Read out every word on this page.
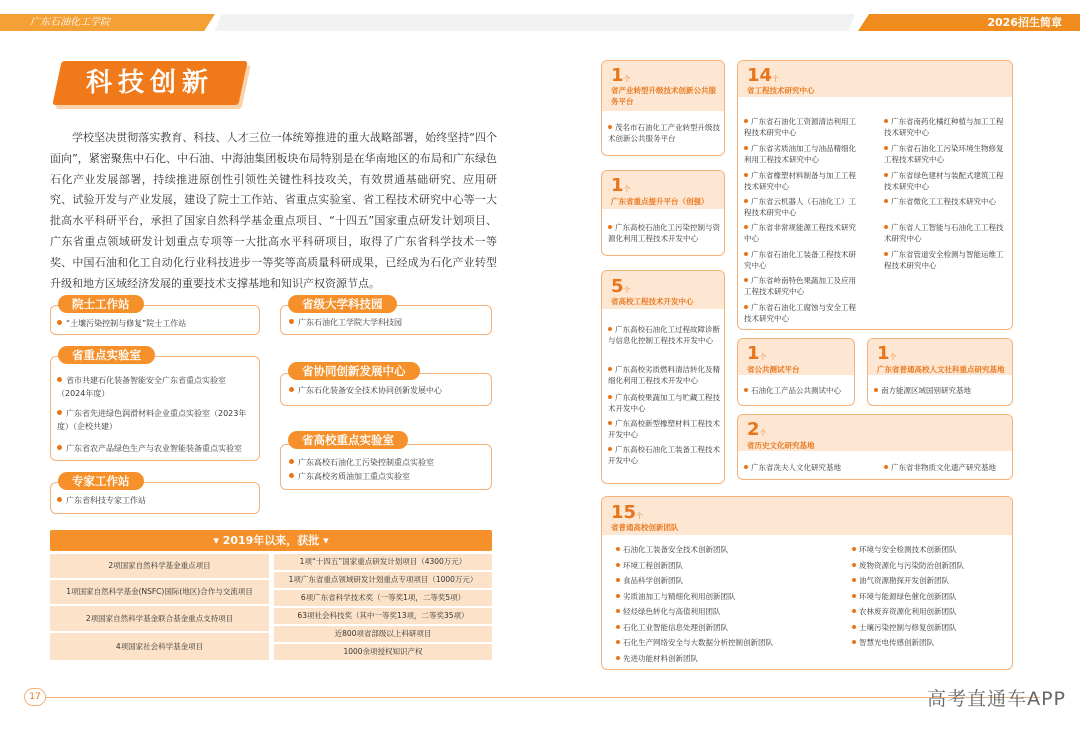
广东石油化工学院	2026招生简章
科技创新
学校坚决贯彻落实教育、科技、人才三位一体统筹推进的重大战略部署，始终坚持“四个面向”，紧密聚焦中石化、中石油、中海油集团板块布局特别是在华南地区的布局和广东绿色石化产业发展部署，持续推进原创性引领性关键性科技攻关，有效贯通基础研究、应用研究、试验开发与产业发展，建设了院士工作站、省重点实验室、省工程技术研究中心等一大批高水平科研平台，承担了国家自然科学基金重点项目、“十四五”国家重点研发计划项目、广东省重点领域研发计划重点专项等一大批高水平科研项目，取得了广东省科学技术一等奖、中国石油和化工自动化行业科技进步一等奖等高质量科研成果，已经成为石化产业转型升级和地方区域经济发展的重要技术支撑基地和知识产权资源节点。
院士工作站
“土壤污染控制与修复”院士工作站
省级大学科技园
广东石油化工学院大学科技园
省重点实验室
省市共建石化装备智能安全广东省重点实验室（2024年度）
广东省先进绿色润滑材料企业重点实验室（2023年度）（企校共建）
广东省农产品绿色生产与农业智能装备重点实验室
省协同创新发展中心
广东石化装备安全技术协同创新发展中心
省高校重点实验室
广东高校石油化工污染控制重点实验室
广东高校劣质油加工重点实验室
专家工作站
广东省科技专家工作站
▾ 2019年以来，获批 ▾
2项国家自然科学基金重点项目
1项国家自然科学基金(NSFC)国际(地区)合作与交流项目
2项国家自然科学基金联合基金重点支持项目
4项国家社会科学基金项目
1项“十四五”国家重点研发计划项目（4300万元）
1项广东省重点领域研发计划重点专项项目（1000万元）
6项广东省科学技术奖（一等奖1项，二等奖5项）
63项社会科技奖（其中一等奖13项，二等奖35项）
近800项省部级以上科研项目
1000余项授权知识产权
1个
省产业转型升级技术创新公共服务平台
茂名市石油化工产业转型升级技术创新公共服务平台
1个
广东省重点提升平台（创强）
广东高校石油化工污染控制与资源化利用工程技术开发中心
5个
省高校工程技术开发中心
广东高校石油化工过程故障诊断与信息化控制工程技术开发中心
广东高校劣质燃料清洁转化及精细化利用工程技术开发中心
广东高校果蔬加工与贮藏工程技术开发中心
广东高校新型橡塑材料工程技术开发中心
广东高校石油化工装备工程技术开发中心
14个
省工程技术研究中心
广东省石油化工资源清洁利用工程技术研究中心
广东省劣质油加工与油品精细化利用工程技术研究中心
广东省橡塑材料制备与加工工程技术研究中心
广东省云机器人（石油化工）工程技术研究中心
广东省非常规能源工程技术研究中心
广东省石油化工装备工程技术研究中心
广东省岭南特色果蔬加工及应用工程技术研究中心
广东省石油化工腐蚀与安全工程技术研究中心
广东省南药化橘红种植与加工工程技术研究中心
广东省石油化工污染环境生物修复工程技术研究中心
广东省绿色建材与装配式建筑工程技术研究中心
广东省微化工工程技术研究中心
广东省人工智能与石油化工工程技术研究中心
广东省管道安全检测与智能运维工程技术研究中心
1个
省公共测试平台
石油化工产品公共测试中心
1个
广东省普通高校人文社科重点研究基地
南方能源区域国别研究基地
2个
省历史文化研究基地
广东省冼夫人文化研究基地	广东省非物质文化遗产研究基地
15个
省普通高校创新团队
石油化工装备安全技术创新团队
环境工程创新团队
食品科学创新团队
劣质油加工与精细化利用创新团队
轻烃绿色转化与高值利用团队
石化工业智能信息处理创新团队
石化生产网络安全与大数据分析控制创新团队
先进功能材料创新团队
环境与安全检测技术创新团队
废物资源化与污染防治创新团队
油气资源勘探开发创新团队
环境与能源绿色催化创新团队
农林废弃资源化利用创新团队
土壤污染控制与修复创新团队
智慧光电传感创新团队
17	高考直通车APP
